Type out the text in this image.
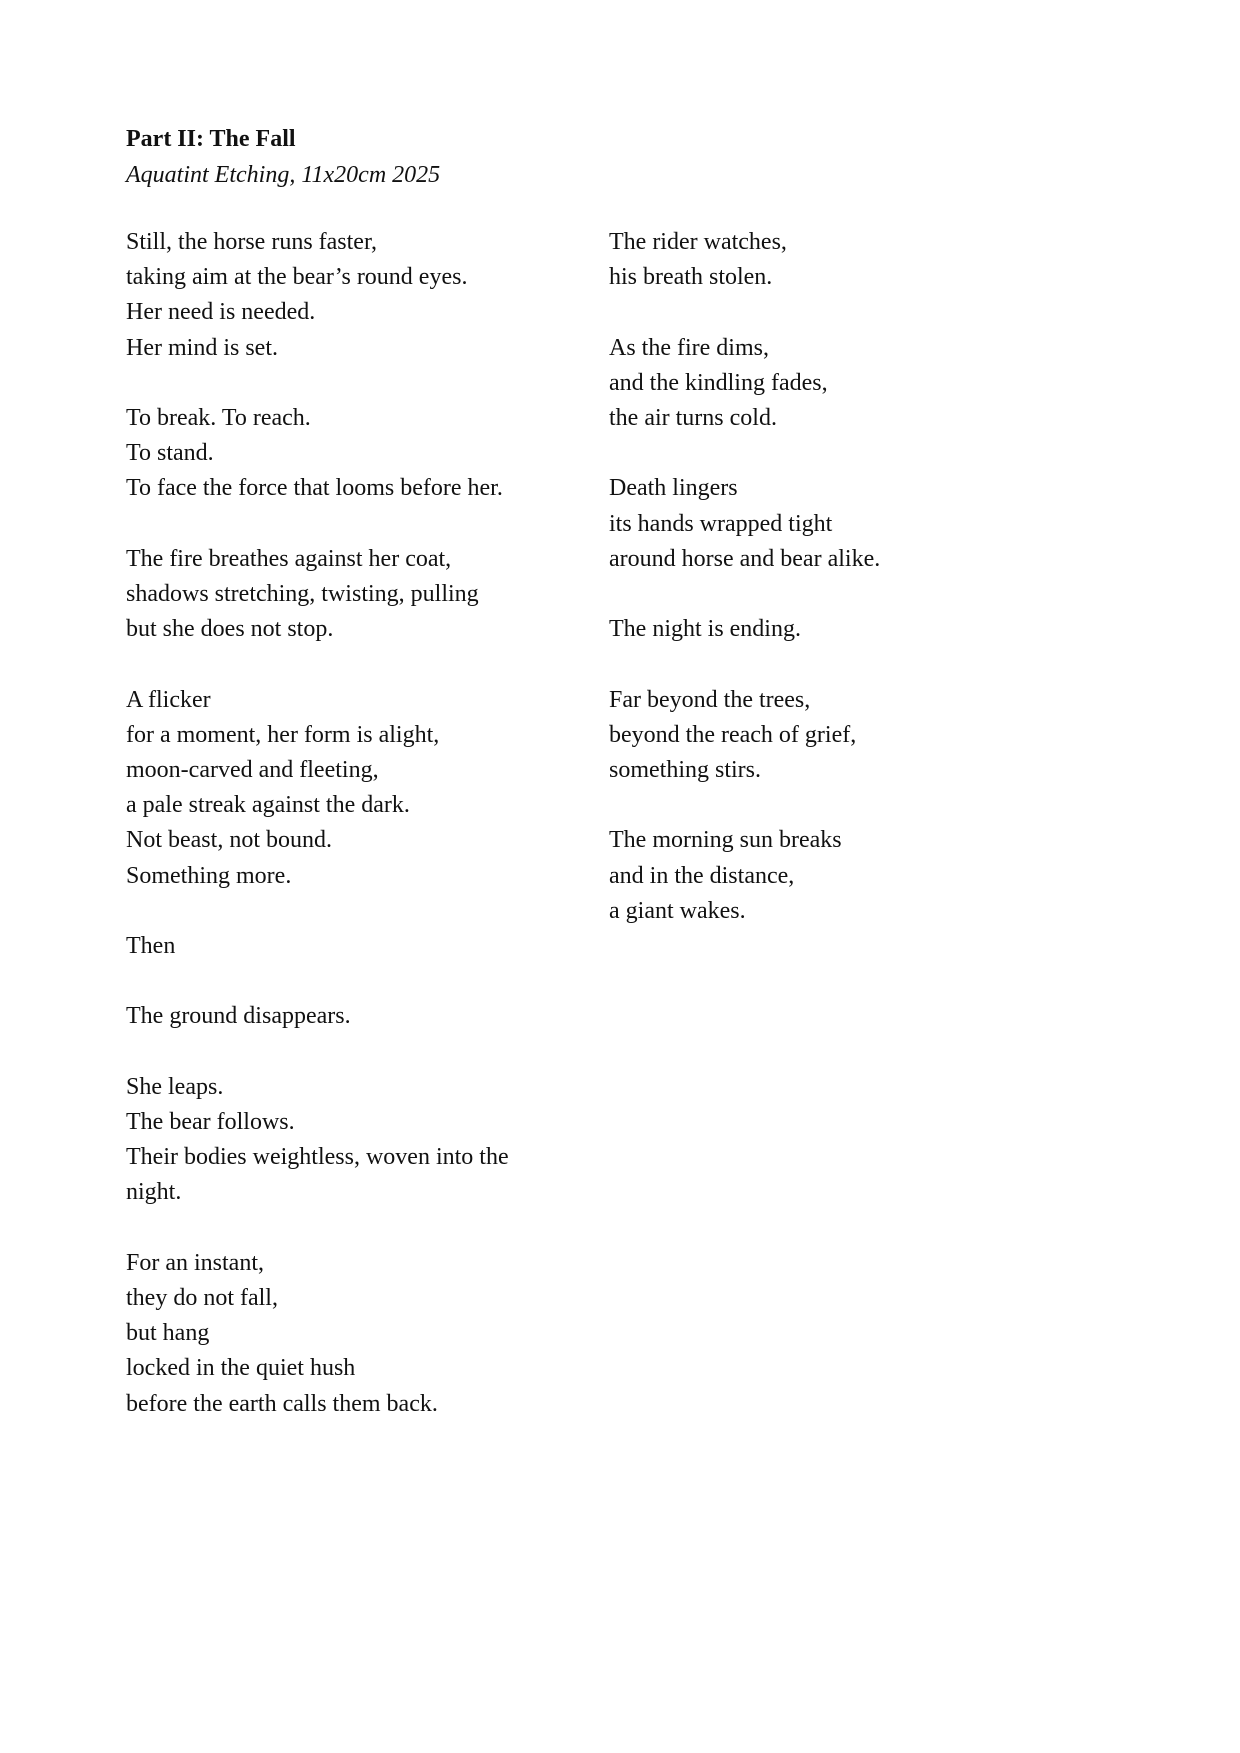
Part II: The Fall

Aquatint Etching, 11x20cm 2025

Still, the horse runs faster,
taking aim at the bear’s round eyes.
Her need is needed.
Her mind is set.

To break. To reach.
To stand.
To face the force that looms before her.

The fire breathes against her coat,
shadows stretching, twisting, pulling
but she does not stop.

A flicker
for a moment, her form is alight,
moon-carved and fleeting,
a pale streak against the dark.
Not beast, not bound.
Something more.

Then

The ground disappears.

She leaps.
The bear follows.
Their bodies weightless, woven into the
night.

For an instant,
they do not fall,
but hang
locked in the quiet hush
before the earth calls them back.

The rider watches,
his breath stolen.

As the fire dims,
and the kindling fades,
the air turns cold.

Death lingers
its hands wrapped tight
around horse and bear alike.

The night is ending.

Far beyond the trees,
beyond the reach of grief,
something stirs.

The morning sun breaks
and in the distance,
a giant wakes.
